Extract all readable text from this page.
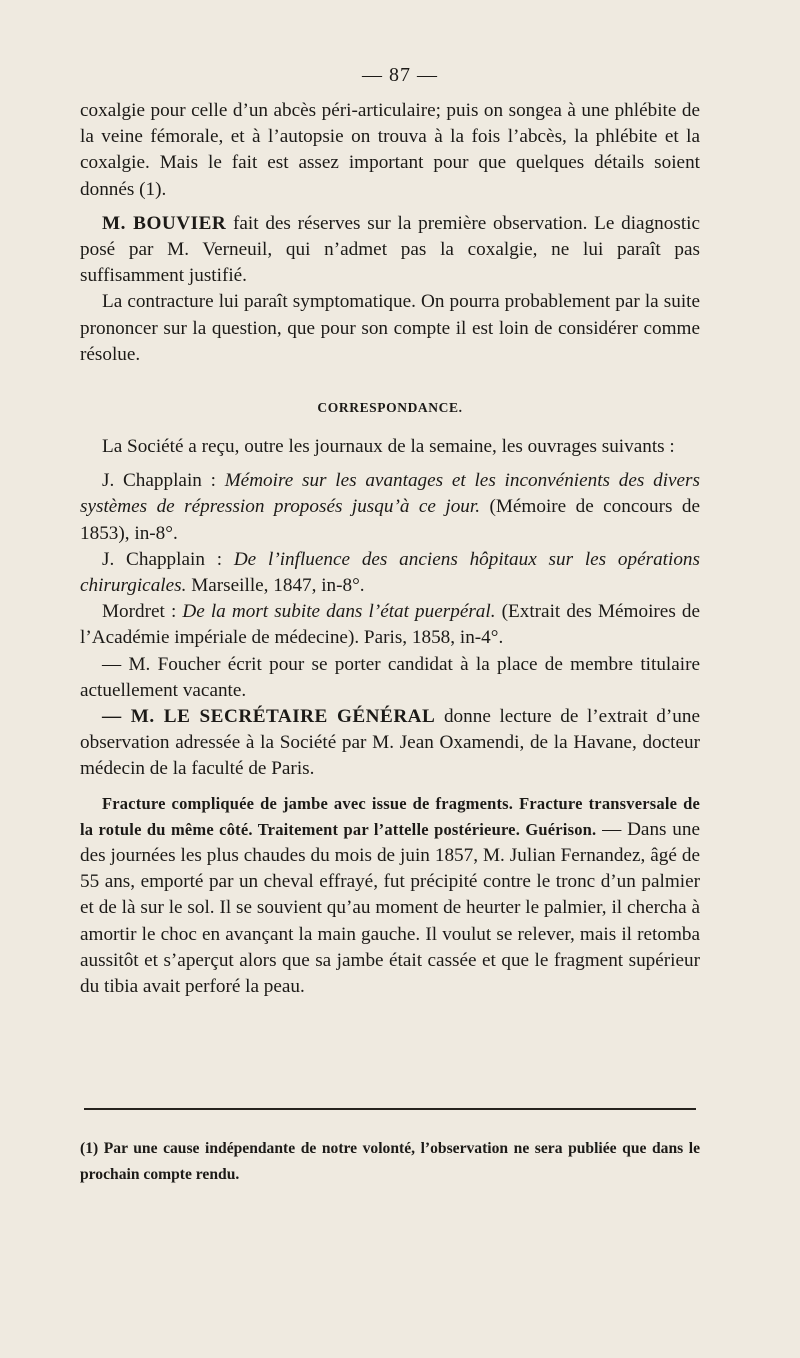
— 87 —

coxalgie pour celle d’un abcès péri-articulaire; puis on songea à une phlébite de la veine fémorale, et à l’autopsie on trouva à la fois l’abcès, la phlébite et la coxalgie. Mais le fait est assez important pour que quelques détails soient donnés (1).

M. BOUVIER fait des réserves sur la première observation. Le diagnostic posé par M. Verneuil, qui n’admet pas la coxalgie, ne lui paraît pas suffisamment justifié.

La contracture lui paraît symptomatique. On pourra probablement par la suite prononcer sur la question, que pour son compte il est loin de considérer comme résolue.

CORRESPONDANCE.

La Société a reçu, outre les journaux de la semaine, les ouvrages suivants :

J. Chapplain : Mémoire sur les avantages et les inconvénients des divers systèmes de répression proposés jusqu’à ce jour. (Mémoire de concours de 1853), in-8°.

J. Chapplain : De l’influence des anciens hôpitaux sur les opérations chirurgicales. Marseille, 1847, in-8°.

Mordret : De la mort subite dans l’état puerpéral. (Extrait des Mémoires de l’Académie impériale de médecine). Paris, 1858, in-4°.

— M. Foucher écrit pour se porter candidat à la place de membre titulaire actuellement vacante.

— M. LE SECRÉTAIRE GÉNÉRAL donne lecture de l’extrait d’une observation adressée à la Société par M. Jean Oxamendi, de la Havane, docteur médecin de la faculté de Paris.

Fracture compliquée de jambe avec issue de fragments. Fracture transversale de la rotule du même côté. Traitement par l’attelle postérieure. Guérison. — Dans une des journées les plus chaudes du mois de juin 1857, M. Julian Fernandez, âgé de 55 ans, emporté par un cheval effrayé, fut précipité contre le tronc d’un palmier et de là sur le sol. Il se souvient qu’au moment de heurter le palmier, il chercha à amortir le choc en avançant la main gauche. Il voulut se relever, mais il retomba aussitôt et s’aperçut alors que sa jambe était cassée et que le fragment supérieur du tibia avait perforé la peau.

(1) Par une cause indépendante de notre volonté, l’observation ne sera publiée que dans le prochain compte rendu.
